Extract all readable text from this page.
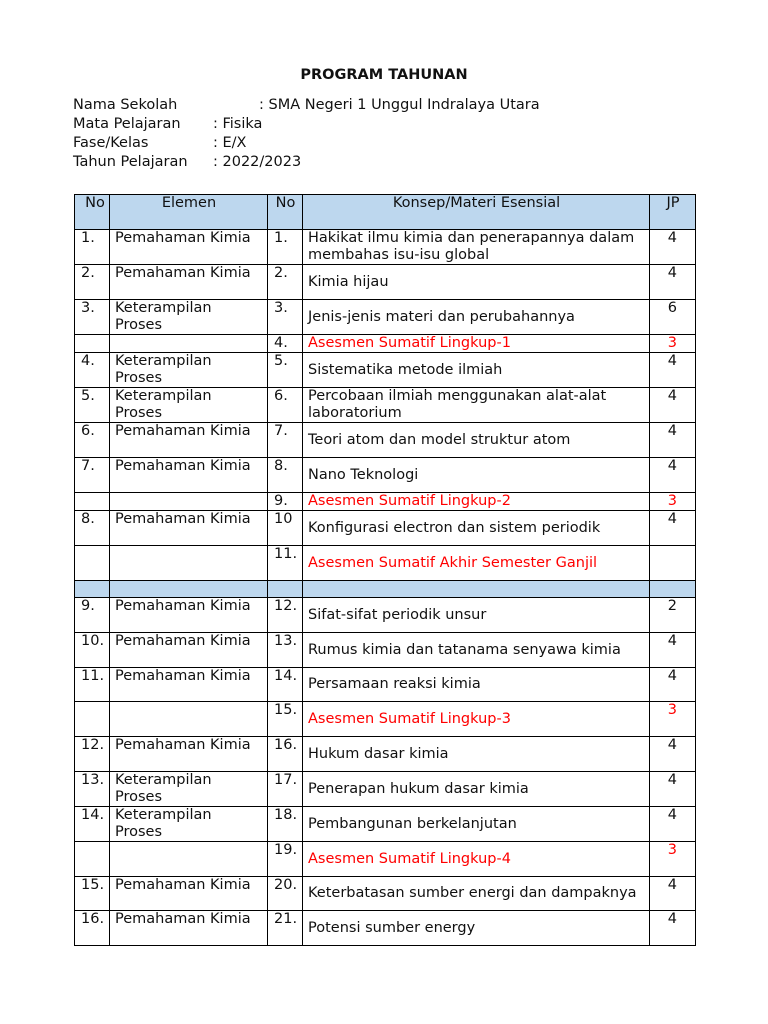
PROGRAM TAHUNAN
Nama Sekolah	: SMA Negeri 1 Unggul Indralaya Utara
Mata Pelajaran : Fisika
Fase/Kelas	: E/X
Tahun Pelajaran : 2022/2023
No	Elemen	No	Konsep/Materi Esensial	JP
1.	Pemahaman Kimia	1.	Hakikat ilmu kimia dan penerapannya dalam membahas isu-isu global	4
2.	Pemahaman Kimia	2.	Kimia hijau	4
3.	Keterampilan Proses	3.	Jenis-jenis materi dan perubahannya	6
		4.	Asesmen Sumatif Lingkup-1	3
4.	Keterampilan Proses	5.	Sistematika metode ilmiah	4
5.	Keterampilan Proses	6.	Percobaan ilmiah menggunakan alat-alat laboratorium	4
6.	Pemahaman Kimia	7.	Teori atom dan model struktur atom	4
7.	Pemahaman Kimia	8.	Nano Teknologi	4
		9.	Asesmen Sumatif Lingkup-2	3
8.	Pemahaman Kimia	10	Konfigurasi electron dan sistem periodik	4
		11.	Asesmen Sumatif Akhir Semester Ganjil	

9.	Pemahaman Kimia	12.	Sifat-sifat periodik unsur	2
10.	Pemahaman Kimia	13.	Rumus kimia dan tatanama senyawa kimia	4
11.	Pemahaman Kimia	14.	Persamaan reaksi kimia	4
		15.	Asesmen Sumatif Lingkup-3	3
12.	Pemahaman Kimia	16.	Hukum dasar kimia	4
13.	Keterampilan Proses	17.	Penerapan hukum dasar kimia	4
14.	Keterampilan Proses	18.	Pembangunan berkelanjutan	4
		19.	Asesmen Sumatif Lingkup-4	3
15.	Pemahaman Kimia	20.	Keterbatasan sumber energi dan dampaknya	4
16.	Pemahaman Kimia	21.	Potensi sumber energy	4
